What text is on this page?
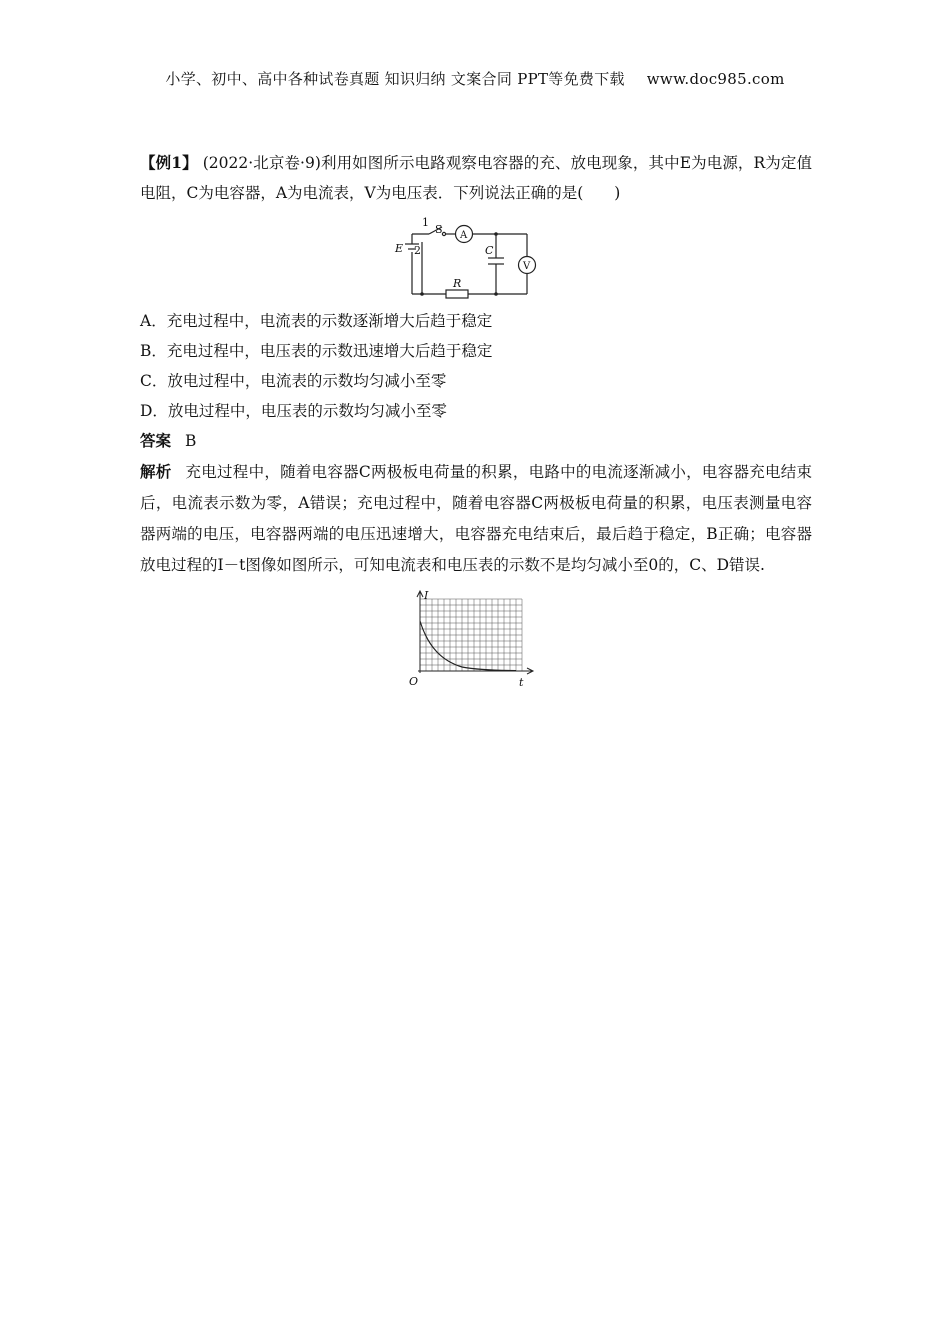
小学、初中、高中各种试卷真题 知识归纳 文案合同 PPT等免费下载 www.doc985.com
【例1】 (2022·北京卷·9)利用如图所示电路观察电容器的充、放电现象，其中E为电源，R为定值电阻，C为电容器，A为电流表，V为电压表．下列说法正确的是(　　)
E
1
S
2
A
C
V
R
A．充电过程中，电流表的示数逐渐增大后趋于稳定
B．充电过程中，电压表的示数迅速增大后趋于稳定
C．放电过程中，电流表的示数均匀减小至零
D．放电过程中，电压表的示数均匀减小至零
答案 B
解析 充电过程中，随着电容器C两极板电荷量的积累，电路中的电流逐渐减小，电容器充电结束后，电流表示数为零，A错误；充电过程中，随着电容器C两极板电荷量的积累，电压表测量电容器两端的电压，电容器两端的电压迅速增大，电容器充电结束后，最后趋于稳定，B正确；电容器放电过程的I－t图像如图所示，可知电流表和电压表的示数不是均匀减小至0的，C、D错误.
I
t
O
